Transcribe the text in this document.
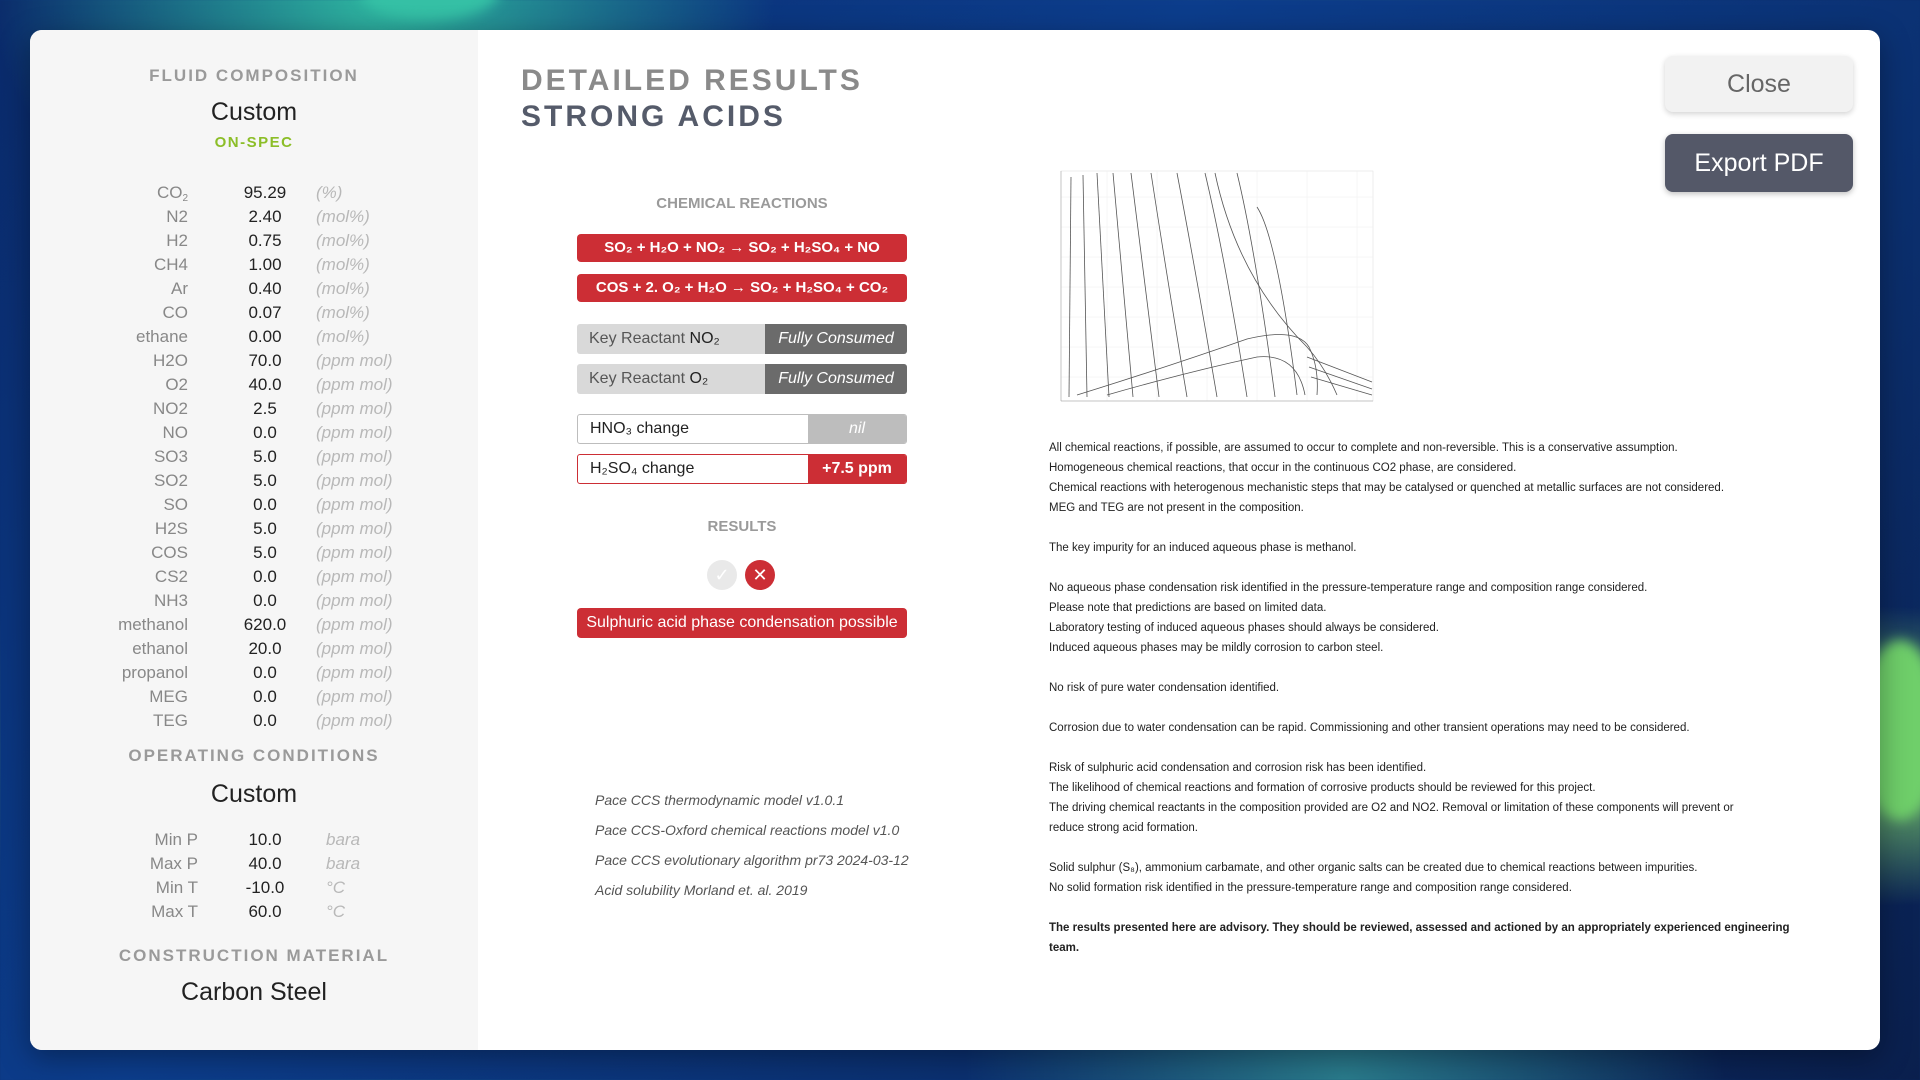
FLUID COMPOSITION
Custom
ON-SPEC
$CO_2$	95.29	(%)
N2	2.40	(mol%)
H2	0.75	(mol%)
CH4	1.00	(mol%)
Ar	0.40	(mol%)
CO	0.07	(mol%)
ethane	0.00	(mol%)
H2O	70.0	(ppm mol)
O2	40.0	(ppm mol)
NO2	2.5	(ppm mol)
NO	0.0	(ppm mol)
SO3	5.0	(ppm mol)
SO2	5.0	(ppm mol)
SO	0.0	(ppm mol)
H2S	5.0	(ppm mol)
COS	5.0	(ppm mol)
CS2	0.0	(ppm mol)
NH3	0.0	(ppm mol)
methanol	620.0	(ppm mol)
ethanol	20.0	(ppm mol)
propanol	0.0	(ppm mol)
MEG	0.0	(ppm mol)
TEG	0.0	(ppm mol)
OPERATING CONDITIONS
Custom
Min P	10.0	bara
Max P	40.0	bara
Min T	-10.0	°C
Max T	60.0	°C
CONSTRUCTION MATERIAL
Carbon Steel
DETAILED RESULTS
STRONG ACIDS
Close
Export PDF
CHEMICAL REACTIONS
SO₂ + H₂O + NO₂ → SO₂ + H₂SO₄ + NO
COS + 2. O₂ + H₂O → SO₂ + H₂SO₄ + CO₂
Key Reactant NO₂	Fully Consumed
Key Reactant O₂	Fully Consumed
HNO₃ change	nil
H₂SO₄ change	+7.5 ppm
RESULTS
✓	✕
Sulphuric acid phase condensation possible
Pace CCS thermodynamic model v1.0.1
Pace CCS-Oxford chemical reactions model v1.0
Pace CCS evolutionary algorithm pr73 2024-03-12
Acid solubility Morland et. al. 2019
All chemical reactions, if possible, are assumed to occur to complete and non-reversible. This is a conservative assumption.
Homogeneous chemical reactions, that occur in the continuous CO2 phase, are considered.
Chemical reactions with heterogenous mechanistic steps that may be catalysed or quenched at metallic surfaces are not considered.
MEG and TEG are not present in the composition.
The key impurity for an induced aqueous phase is methanol.
No aqueous phase condensation risk identified in the pressure-temperature range and composition range considered.
Please note that predictions are based on limited data.
Laboratory testing of induced aqueous phases should always be considered.
Induced aqueous phases may be mildly corrosion to carbon steel.
No risk of pure water condensation identified.
Corrosion due to water condensation can be rapid. Commissioning and other transient operations may need to be considered.
Risk of sulphuric acid condensation and corrosion risk has been identified.
The likelihood of chemical reactions and formation of corrosive products should be reviewed for this project.
The driving chemical reactants in the composition provided are O2 and NO2. Removal or limitation of these components will prevent or
reduce strong acid formation.
Solid sulphur (S₈), ammonium carbamate, and other organic salts can be created due to chemical reactions between impurities.
No solid formation risk identified in the pressure-temperature range and composition range considered.
The results presented here are advisory. They should be reviewed, assessed and actioned by an appropriately experienced engineering
team.
